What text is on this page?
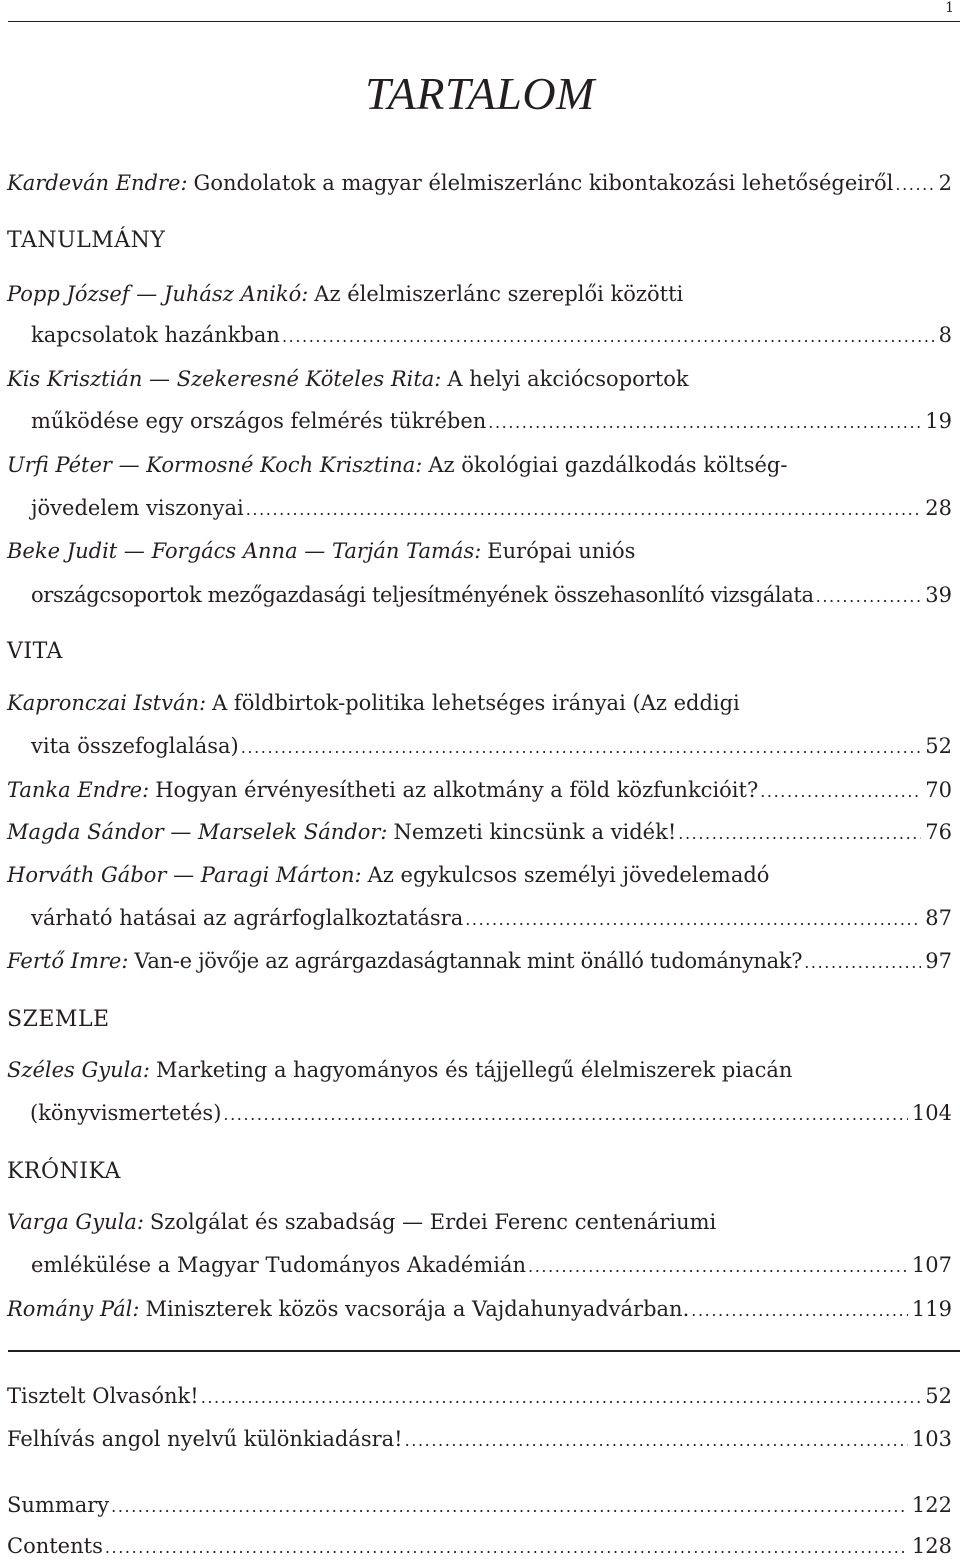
1
TARTALOM
Kardeván Endre: Gondolatok a magyar élelmiszerlánc kibontakozási lehetőségeiről ..... 2
TANULMÁNY
Popp József — Juhász Anikó: Az élelmiszerlánc szereplői közötti
kapcsolatok hazánkban .....	8
Kis Krisztián — Szekeresné Köteles Rita: A helyi akciócsoportok
működése egy országos felmérés tükrében .....	19
Urfi Péter — Kormosné Koch Krisztina: Az ökológiai gazdálkodás költség-
jövedelem viszonyai .....	28
Beke Judit — Forgács Anna — Tarján Tamás: Európai uniós
országcsoportok mezőgazdasági teljesítményének összehasonlító vizsgálata .....	39
VITA
Kapronczai István: A földbirtok-politika lehetséges irányai (Az eddigi
vita összefoglalása) .....	52
Tanka Endre: Hogyan érvényesítheti az alkotmány a föld közfunkcióit? .....	70
Magda Sándor — Marselek Sándor: Nemzeti kincsünk a vidék! .....	76
Horváth Gábor — Paragi Márton: Az egykulcsos személyi jövedelemadó
várható hatásai az agrárfoglalkoztatásra .....	87
Fertő Imre: Van-e jövője az agrárgazdaságtannak mint önálló tudománynak? .....	97
SZEMLE
Széles Gyula: Marketing a hagyományos és tájjellegű élelmiszerek piacán
(könyvismertetés) .....	104
KRÓNIKA
Varga Gyula: Szolgálat és szabadság — Erdei Ferenc centenáriumi
emlékülése a Magyar Tudományos Akadémián .....	107
Romány Pál: Miniszterek közös vacsorája a Vajdahunyadvárban. .....	119
Tisztelt Olvasónk! .....	52
Felhívás angol nyelvű különkiadásra! .....	103
Summary .....	122
Contents .....	128
